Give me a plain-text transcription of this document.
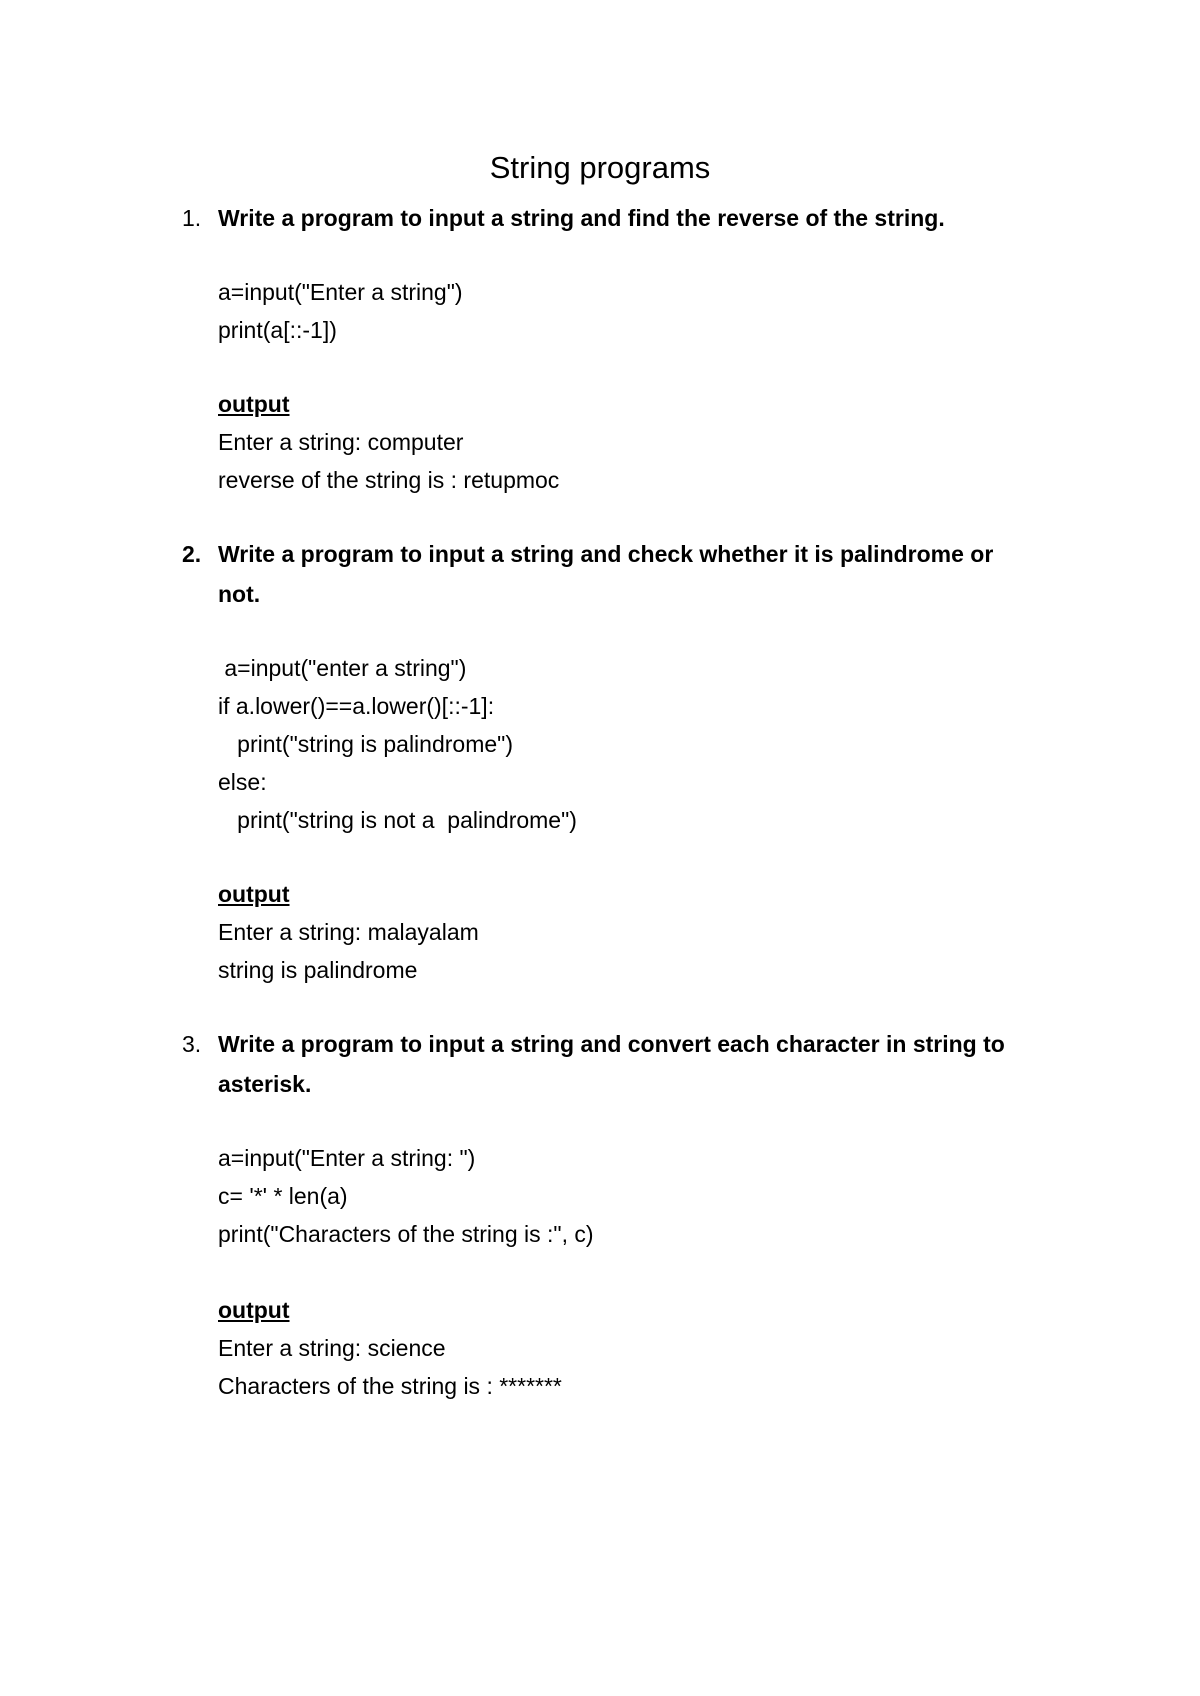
String programs
1. Write a program to input a string and find the reverse of the string.
a=input("Enter a string")
print(a[::-1])
output
Enter a string: computer
reverse of the string is : retupmoc
2. Write a program to input a string and check whether it is palindrome or not.
a=input("enter a string")
if a.lower()==a.lower()[::-1]:
print("string is palindrome")
else:
print("string is not a  palindrome")
output
Enter a string: malayalam
string is palindrome
3. Write a program to input a string and convert each character in string to asterisk.
a=input("Enter a string: ")
c= '*' * len(a)
print("Characters of the string is :", c)
output
Enter a string: science
Characters of the string is : *******
